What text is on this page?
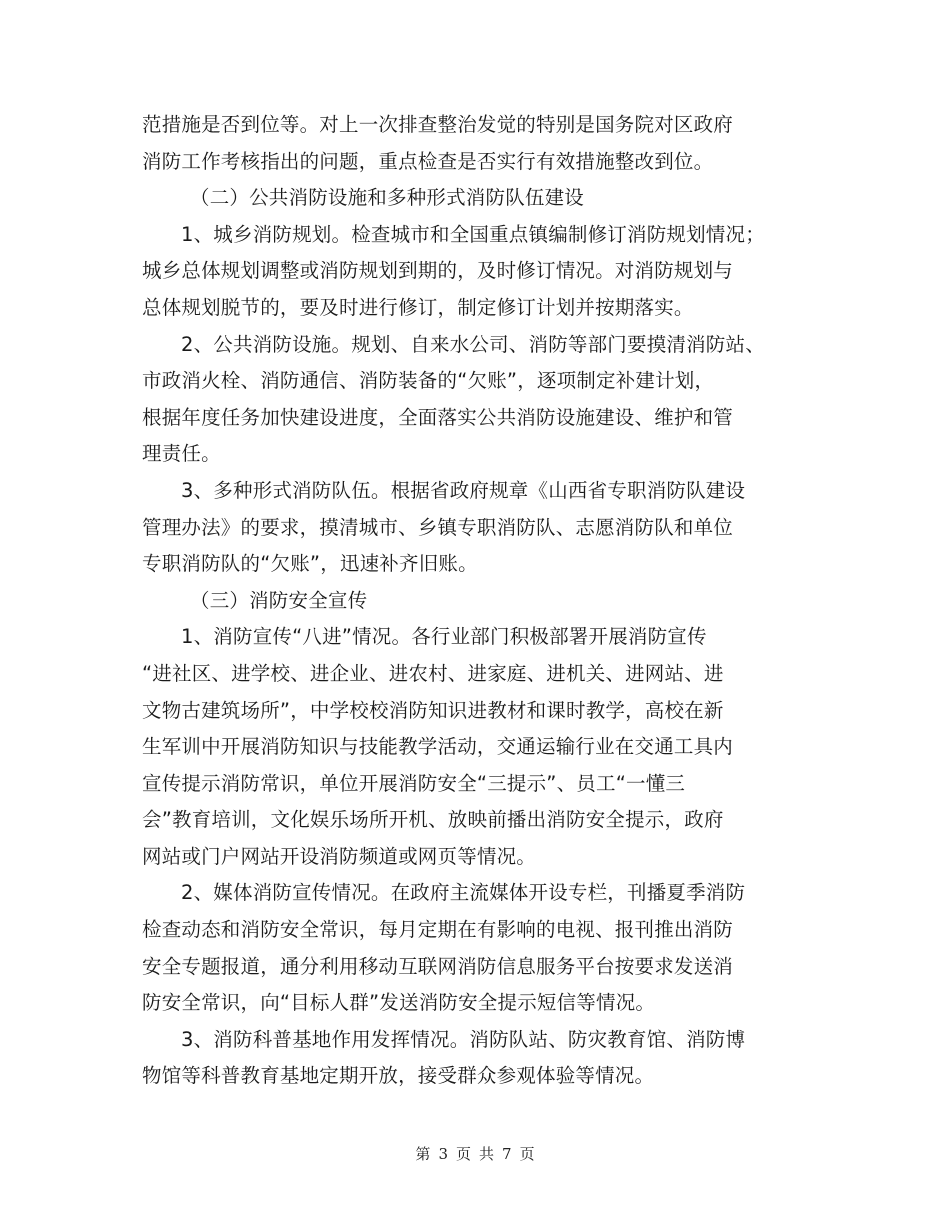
范措施是否到位等。对上一次排查整治发觉的特别是国务院对区政府
消防工作考核指出的问题，重点检查是否实行有效措施整改到位。
（二）公共消防设施和多种形式消防队伍建设
1、城乡消防规划。检查城市和全国重点镇编制修订消防规划情况；
城乡总体规划调整或消防规划到期的，及时修订情况。对消防规划与
总体规划脱节的，要及时进行修订，制定修订计划并按期落实。
2、公共消防设施。规划、自来水公司、消防等部门要摸清消防站、
市政消火栓、消防通信、消防装备的“欠账”，逐项制定补建计划，
根据年度任务加快建设进度，全面落实公共消防设施建设、维护和管
理责任。
3、多种形式消防队伍。根据省政府规章《山西省专职消防队建设
管理办法》的要求，摸清城市、乡镇专职消防队、志愿消防队和单位
专职消防队的“欠账”，迅速补齐旧账。
（三）消防安全宣传
1、消防宣传“八进”情况。各行业部门积极部署开展消防宣传
“进社区、进学校、进企业、进农村、进家庭、进机关、进网站、进
文物古建筑场所”，中学校校消防知识进教材和课时教学，高校在新
生军训中开展消防知识与技能教学活动，交通运输行业在交通工具内
宣传提示消防常识，单位开展消防安全“三提示”、员工“一懂三
会”教育培训，文化娱乐场所开机、放映前播出消防安全提示，政府
网站或门户网站开设消防频道或网页等情况。
2、媒体消防宣传情况。在政府主流媒体开设专栏，刊播夏季消防
检查动态和消防安全常识，每月定期在有影响的电视、报刊推出消防
安全专题报道，通分利用移动互联网消防信息服务平台按要求发送消
防安全常识，向“目标人群”发送消防安全提示短信等情况。
3、消防科普基地作用发挥情况。消防队站、防灾教育馆、消防博
物馆等科普教育基地定期开放，接受群众参观体验等情况。
第 3 页 共 7 页
